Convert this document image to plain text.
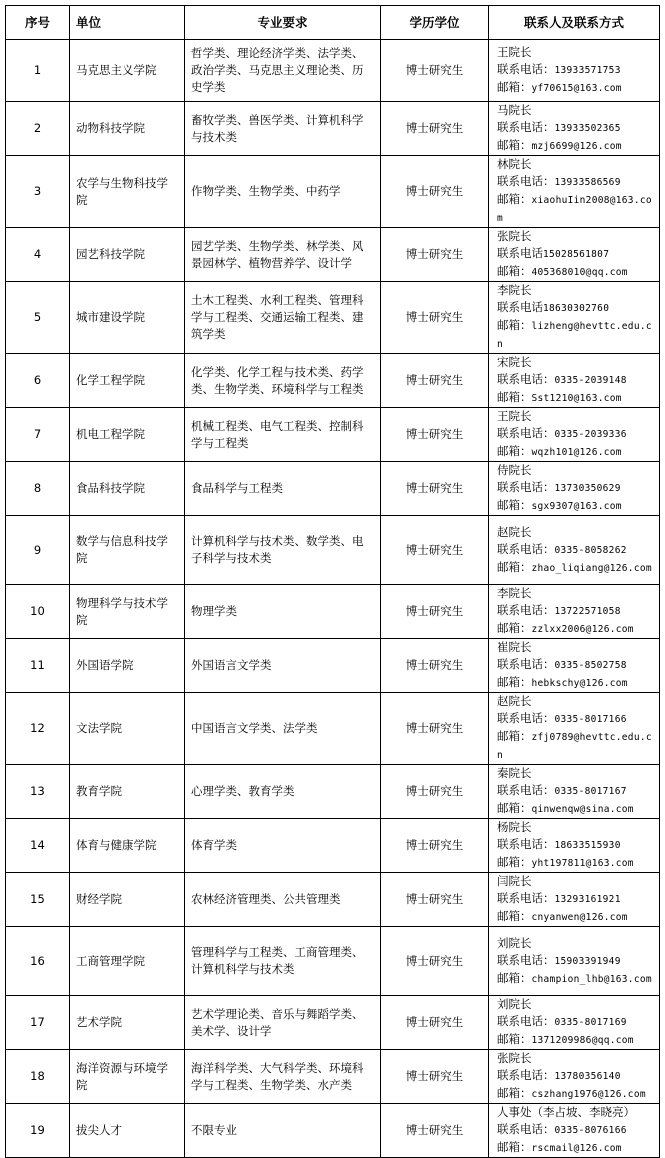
序号	单位	专业要求	学历学位	联系人及联系方式
1	马克思主义学院	哲学类、理论经济学类、法学类、政治学类、马克思主义理论类、历史学类	博士研究生	王院长
联系电话：13933571753
邮箱：yf70615@163.com

2	动物科技学院	畜牧学类、兽医学类、计算机科学与技术类	博士研究生	马院长
联系电话：13933502365
邮箱：mzj6699@126.com

3	农学与生物科技学院	作物学类、生物学类、中药学	博士研究生	林院长
联系电话：13933586569
邮箱：xiaohuIin2008@163.com

4	园艺科技学院	园艺学类、生物学类、林学类、风景园林学、植物营养学、设计学	博士研究生	张院长
联系电话15028561807
邮箱：405368010@qq.com

5	城市建设学院	土木工程类、水利工程类、管理科学与工程类、交通运输工程类、建筑学类	博士研究生	李院长
联系电话18630302760
邮箱：lizheng@hevttc.edu.cn

6	化学工程学院	化学类、化学工程与技术类、药学类、生物学类、环境科学与工程类	博士研究生	宋院长
联系电话：0335-2039148
邮箱：Sst1210@163.com

7	机电工程学院	机械工程类、电气工程类、控制科学与工程类	博士研究生	王院长
联系电话：0335-2039336
邮箱：wqzh101@126.com

8	食品科技学院	食品科学与工程类	博士研究生	侍院长
联系电话：13730350629
邮箱：sgx9307@163.com

9	数学与信息科技学院	计算机科学与技术类、数学类、电子科学与技术类	博士研究生	赵院长
联系电话：0335-8058262
邮箱：zhao_liqiang@126.com

10	物理科学与技术学院	物理学类	博士研究生	李院长
联系电话：13722571058
邮箱：zzlxx2006@126.com

11	外国语学院	外国语言文学类	博士研究生	崔院长
联系电话：0335-8502758
邮箱：hebkschy@126.com

12	文法学院	中国语言文学类、法学类	博士研究生	赵院长
联系电话：0335-8017166
邮箱：zfj0789@hevttc.edu.cn

13	教育学院	心理学类、教育学类	博士研究生	秦院长
联系电话：0335-8017167
邮箱：qinwenqw@sina.com

14	体育与健康学院	体育学类	博士研究生	杨院长
联系电话：18633515930
邮箱：yht197811@163.com

15	财经学院	农林经济管理类、公共管理类	博士研究生	闫院长
联系电话：13293161921
邮箱：cnyanwen@126.com

16	工商管理学院	管理科学与工程类、工商管理类、计算机科学与技术类	博士研究生	刘院长
联系电话：15903391949
邮箱：champion_lhb@163.com

17	艺术学院	艺术学理论类、音乐与舞蹈学类、美术学、设计学	博士研究生	刘院长
联系电话：0335-8017169
邮箱：1371209986@qq.com

18	海洋资源与环境学院	海洋科学类、大气科学类、环境科学与工程类、生物学类、水产类	博士研究生	张院长
联系电话：13780356140
邮箱：cszhang1976@126.com

19	拔尖人才	不限专业	博士研究生	人事处（李占坡、李晓亮）
联系电话：0335-8076166
邮箱：rscmail@126.com
